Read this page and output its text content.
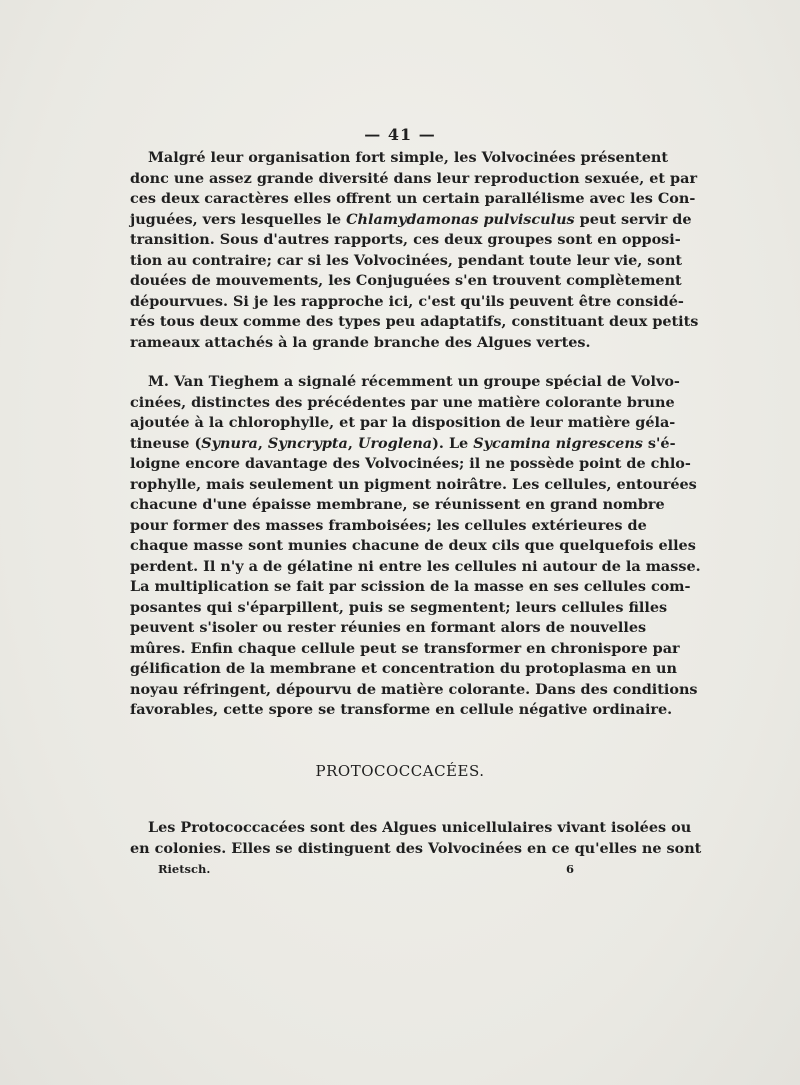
— 41 —
Malgré leur organisation fort simple, les Volvocinées présentent
donc une assez grande diversité dans leur reproduction sexuée, et par
ces deux caractères elles offrent un certain parallélisme avec les Con-
juguées, vers lesquelles le Chlamydamonas pulvisculus peut servir de
transition. Sous d'autres rapports, ces deux groupes sont en opposi-
tion au contraire; car si les Volvocinées, pendant toute leur vie, sont
douées de mouvements, les Conjuguées s'en trouvent complètement
dépourvues. Si je les rapproche ici, c'est qu'ils peuvent être considé-
rés tous deux comme des types peu adaptatifs, constituant deux petits
rameaux attachés à la grande branche des Algues vertes.
M. Van Tieghem a signalé récemment un groupe spécial de Volvo-
cinées, distinctes des précédentes par une matière colorante brune
ajoutée à la chlorophylle, et par la disposition de leur matière géla-
tineuse (Synura, Syncrypta, Uroglena). Le Sycamina nigrescens s'é-
loigne encore davantage des Volvocinées; il ne possède point de chlo-
rophylle, mais seulement un pigment noirâtre. Les cellules, entourées
chacune d'une épaisse membrane, se réunissent en grand nombre
pour former des masses framboisées; les cellules extérieures de
chaque masse sont munies chacune de deux cils que quelquefois elles
perdent. Il n'y a de gélatine ni entre les cellules ni autour de la masse.
La multiplication se fait par scission de la masse en ses cellules com-
posantes qui s'éparpillent, puis se segmentent; leurs cellules filles
peuvent s'isoler ou rester réunies en formant alors de nouvelles
mûres. Enfin chaque cellule peut se transformer en chronispore par
gélification de la membrane et concentration du protoplasma en un
noyau réfringent, dépourvu de matière colorante. Dans des conditions
favorables, cette spore se transforme en cellule négative ordinaire.
PROTOCOCCACÉES.
Les Protococcacées sont des Algues unicellulaires vivant isolées ou
en colonies. Elles se distinguent des Volvocinées en ce qu'elles ne sont
Rietsch.	6
